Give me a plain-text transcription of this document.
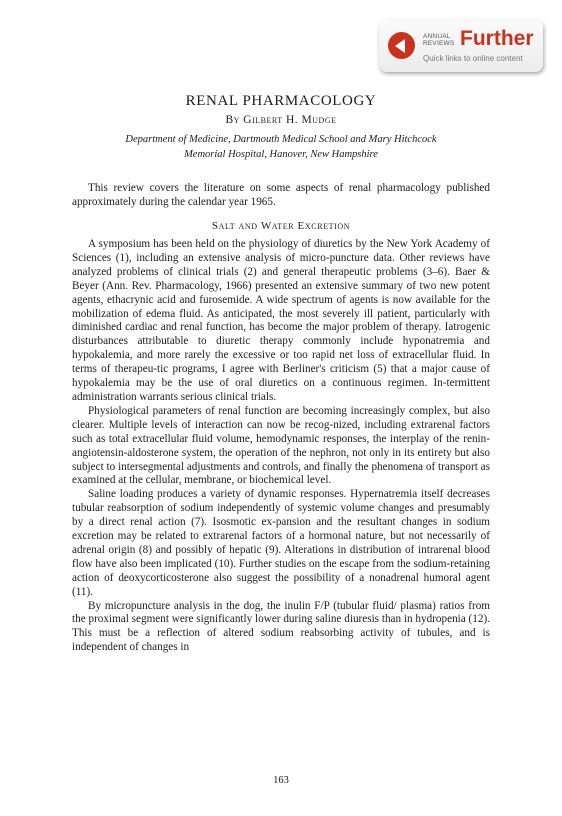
ANNUAL
REVIEWS Further
Quick links to online content
RENAL PHARMACOLOGY
By Gilbert H. Mudge
Department of Medicine, Dartmouth Medical School and Mary Hitchcock
Memorial Hospital, Hanover, New Hampshire

This review covers the literature on some aspects of renal pharmacology published approximately during the calendar year 1965.

Salt and Water Excretion

A symposium has been held on the physiology of diuretics by the New York Academy of Sciences (1), including an extensive analysis of micro-puncture data. Other reviews have analyzed problems of clinical trials (2) and general therapeutic problems (3–6). Baer & Beyer (Ann. Rev. Pharmacology, 1966) presented an extensive summary of two new potent agents, ethacrynic acid and furosemide. A wide spectrum of agents is now available for the mobilization of edema fluid. As anticipated, the most severely ill patient, particularly with diminished cardiac and renal function, has become the major problem of therapy. Iatrogenic disturbances attributable to diuretic therapy commonly include hyponatremia and hypokalemia, and more rarely the excessive or too rapid net loss of extracellular fluid. In terms of therapeu-tic programs, I agree with Berliner's criticism (5) that a major cause of hypokalemia may be the use of oral diuretics on a continuous regimen. In-termittent administration warrants serious clinical trials.

Physiological parameters of renal function are becoming increasingly complex, but also clearer. Multiple levels of interaction can now be recog-nized, including extrarenal factors such as total extracellular fluid volume, hemodynamic responses, the interplay of the renin-angiotensin-aldosterone system, the operation of the nephron, not only in its entirety but also subject to intersegmental adjustments and controls, and finally the phenomena of transport as examined at the cellular, membrane, or biochemical level.

Saline loading produces a variety of dynamic responses. Hypernatremia itself decreases tubular reabsorption of sodium independently of systemic volume changes and presumably by a direct renal action (7). Isosmotic ex-pansion and the resultant changes in sodium excretion may be related to extrarenal factors of a hormonal nature, but not necessarily of adrenal origin (8) and possibly of hepatic (9). Alterations in distribution of intrarenal blood flow have also been implicated (10). Further studies on the escape from the sodium-retaining action of deoxycorticosterone also suggest the possibility of a nonadrenal humoral agent (11).

By micropuncture analysis in the dog, the inulin F/P (tubular fluid/ plasma) ratios from the proximal segment were significantly lower during saline diuresis than in hydropenia (12). This must be a reflection of altered sodium reabsorbing activity of tubules, and is independent of changes in

163
